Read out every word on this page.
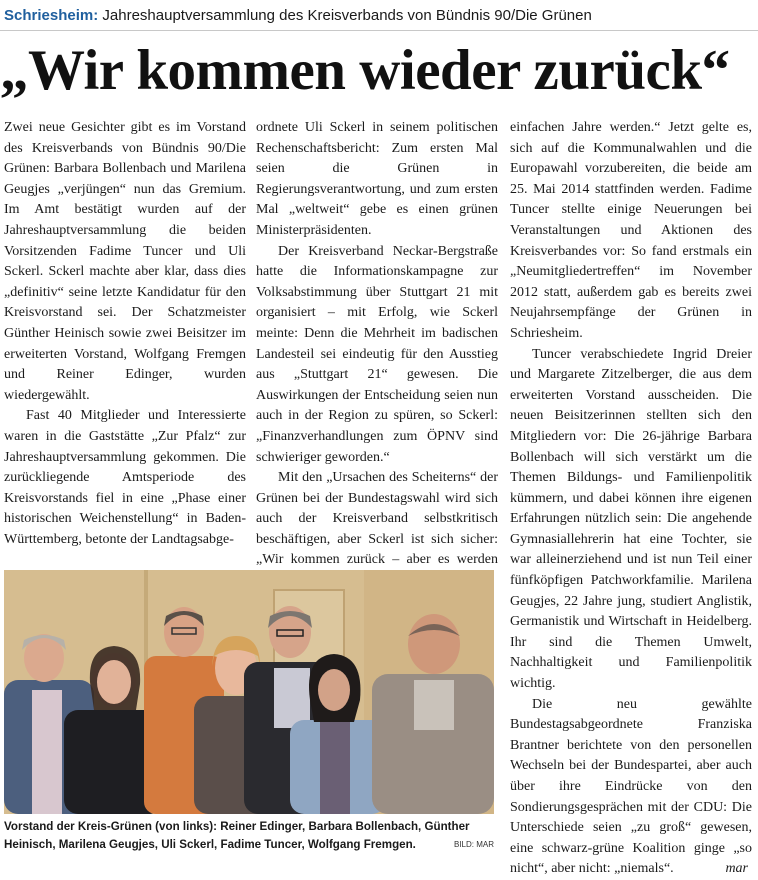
Schriesheim: Jahreshauptversammlung des Kreisverbands von Bündnis 90/Die Grünen
„Wir kommen wieder zurück“

Zwei neue Gesichter gibt es im Vorstand des Kreisverbands von Bündnis 90/Die Grünen: Barbara Bollenbach und Marilena Geugjes „verjüngen“ nun das Gremium. Im Amt bestätigt wurden auf der Jahreshauptversammlung die beiden Vorsitzenden Fadime Tuncer und Uli Sckerl. Sckerl machte aber klar, dass dies „definitiv“ seine letzte Kandidatur für den Kreisvorstand sei. Der Schatzmeister Günther Heinisch sowie zwei Beisitzer im erweiterten Vorstand, Wolfgang Fremgen und Reiner Edinger, wurden wiedergewählt.

Fast 40 Mitglieder und Interessierte waren in die Gaststätte „Zur Pfalz“ zur Jahreshauptversammlung gekommen. Die zurückliegende Amtsperiode des Kreisvorstands fiel in eine „Phase einer historischen Weichenstellung“ in Baden-Württemberg, betonte der Landtagsabge-

ordnete Uli Sckerl in seinem politischen Rechenschaftsbericht: Zum ersten Mal seien die Grünen in Regierungsverantwortung, und zum ersten Mal „weltweit“ gebe es einen grünen Ministerpräsidenten.

Der Kreisverband Neckar-Bergstraße hatte die Informationskampagne zur Volksabstimmung über Stuttgart 21 mit organisiert – mit Erfolg, wie Sckerl meinte: Denn die Mehrheit im badischen Landesteil sei eindeutig für den Ausstieg aus „Stuttgart 21“ gewesen. Die Auswirkungen der Entscheidung seien nun auch in der Region zu spüren, so Sckerl: „Finanzverhandlungen zum ÖPNV sind schwieriger geworden.“

Mit den „Ursachen des Scheiterns“ der Grünen bei der Bundestagswahl wird sich auch der Kreisverband selbstkritisch beschäftigen, aber Sckerl ist sich sicher: „Wir kommen zurück – aber es werden

einfachen Jahre werden.“ Jetzt gelte es, sich auf die Kommunalwahlen und die Europawahl vorzubereiten, die beide am 25. Mai 2014 stattfinden werden. Fadime Tuncer stellte einige Neuerungen bei Veranstaltungen und Aktionen des Kreisverbandes vor: So fand erstmals ein „Neumitgliedertreffen“ im November 2012 statt, außerdem gab es bereits zwei Neujahrsempfänge der Grünen in Schriesheim.

Tuncer verabschiedete Ingrid Dreier und Margarete Zitzelberger, die aus dem erweiterten Vorstand ausscheiden. Die neuen Beisitzerinnen stellten sich den Mitgliedern vor: Die 26-jährige Barbara Bollenbach will sich verstärkt um die Themen Bildungs- und Familienpolitik kümmern, und dabei können ihre eigenen Erfahrungen nützlich sein: Die angehende Gymnasiallehrerin hat eine Tochter, sie war alleinerziehend und ist nun Teil einer fünfköpfigen Patchworkfamilie. Marilena Geugjes, 22 Jahre jung, studiert Anglistik, Germanistik und Wirtschaft in Heidelberg. Ihr sind die Themen Umwelt, Nachhaltigkeit und Familienpolitik wichtig.

Die neu gewählte Bundestagsabgeordnete Franziska Brantner berichtete von den personellen Wechseln bei der Bundespartei, aber auch über ihre Eindrücke von den Sondierungsgesprächen mit der CDU: Die Unterschiede seien „zu groß“ gewesen, eine schwarz-grüne Koalition ginge „so nicht“, aber nicht: „niemals“.	mar

Vorstand der Kreis-Grünen (von links): Reiner Edinger, Barbara Bollenbach, Günther
Heinisch, Marilena Geugjes, Uli Sckerl, Fadime Tuncer, Wolfgang Fremgen.	BILD: MAR
